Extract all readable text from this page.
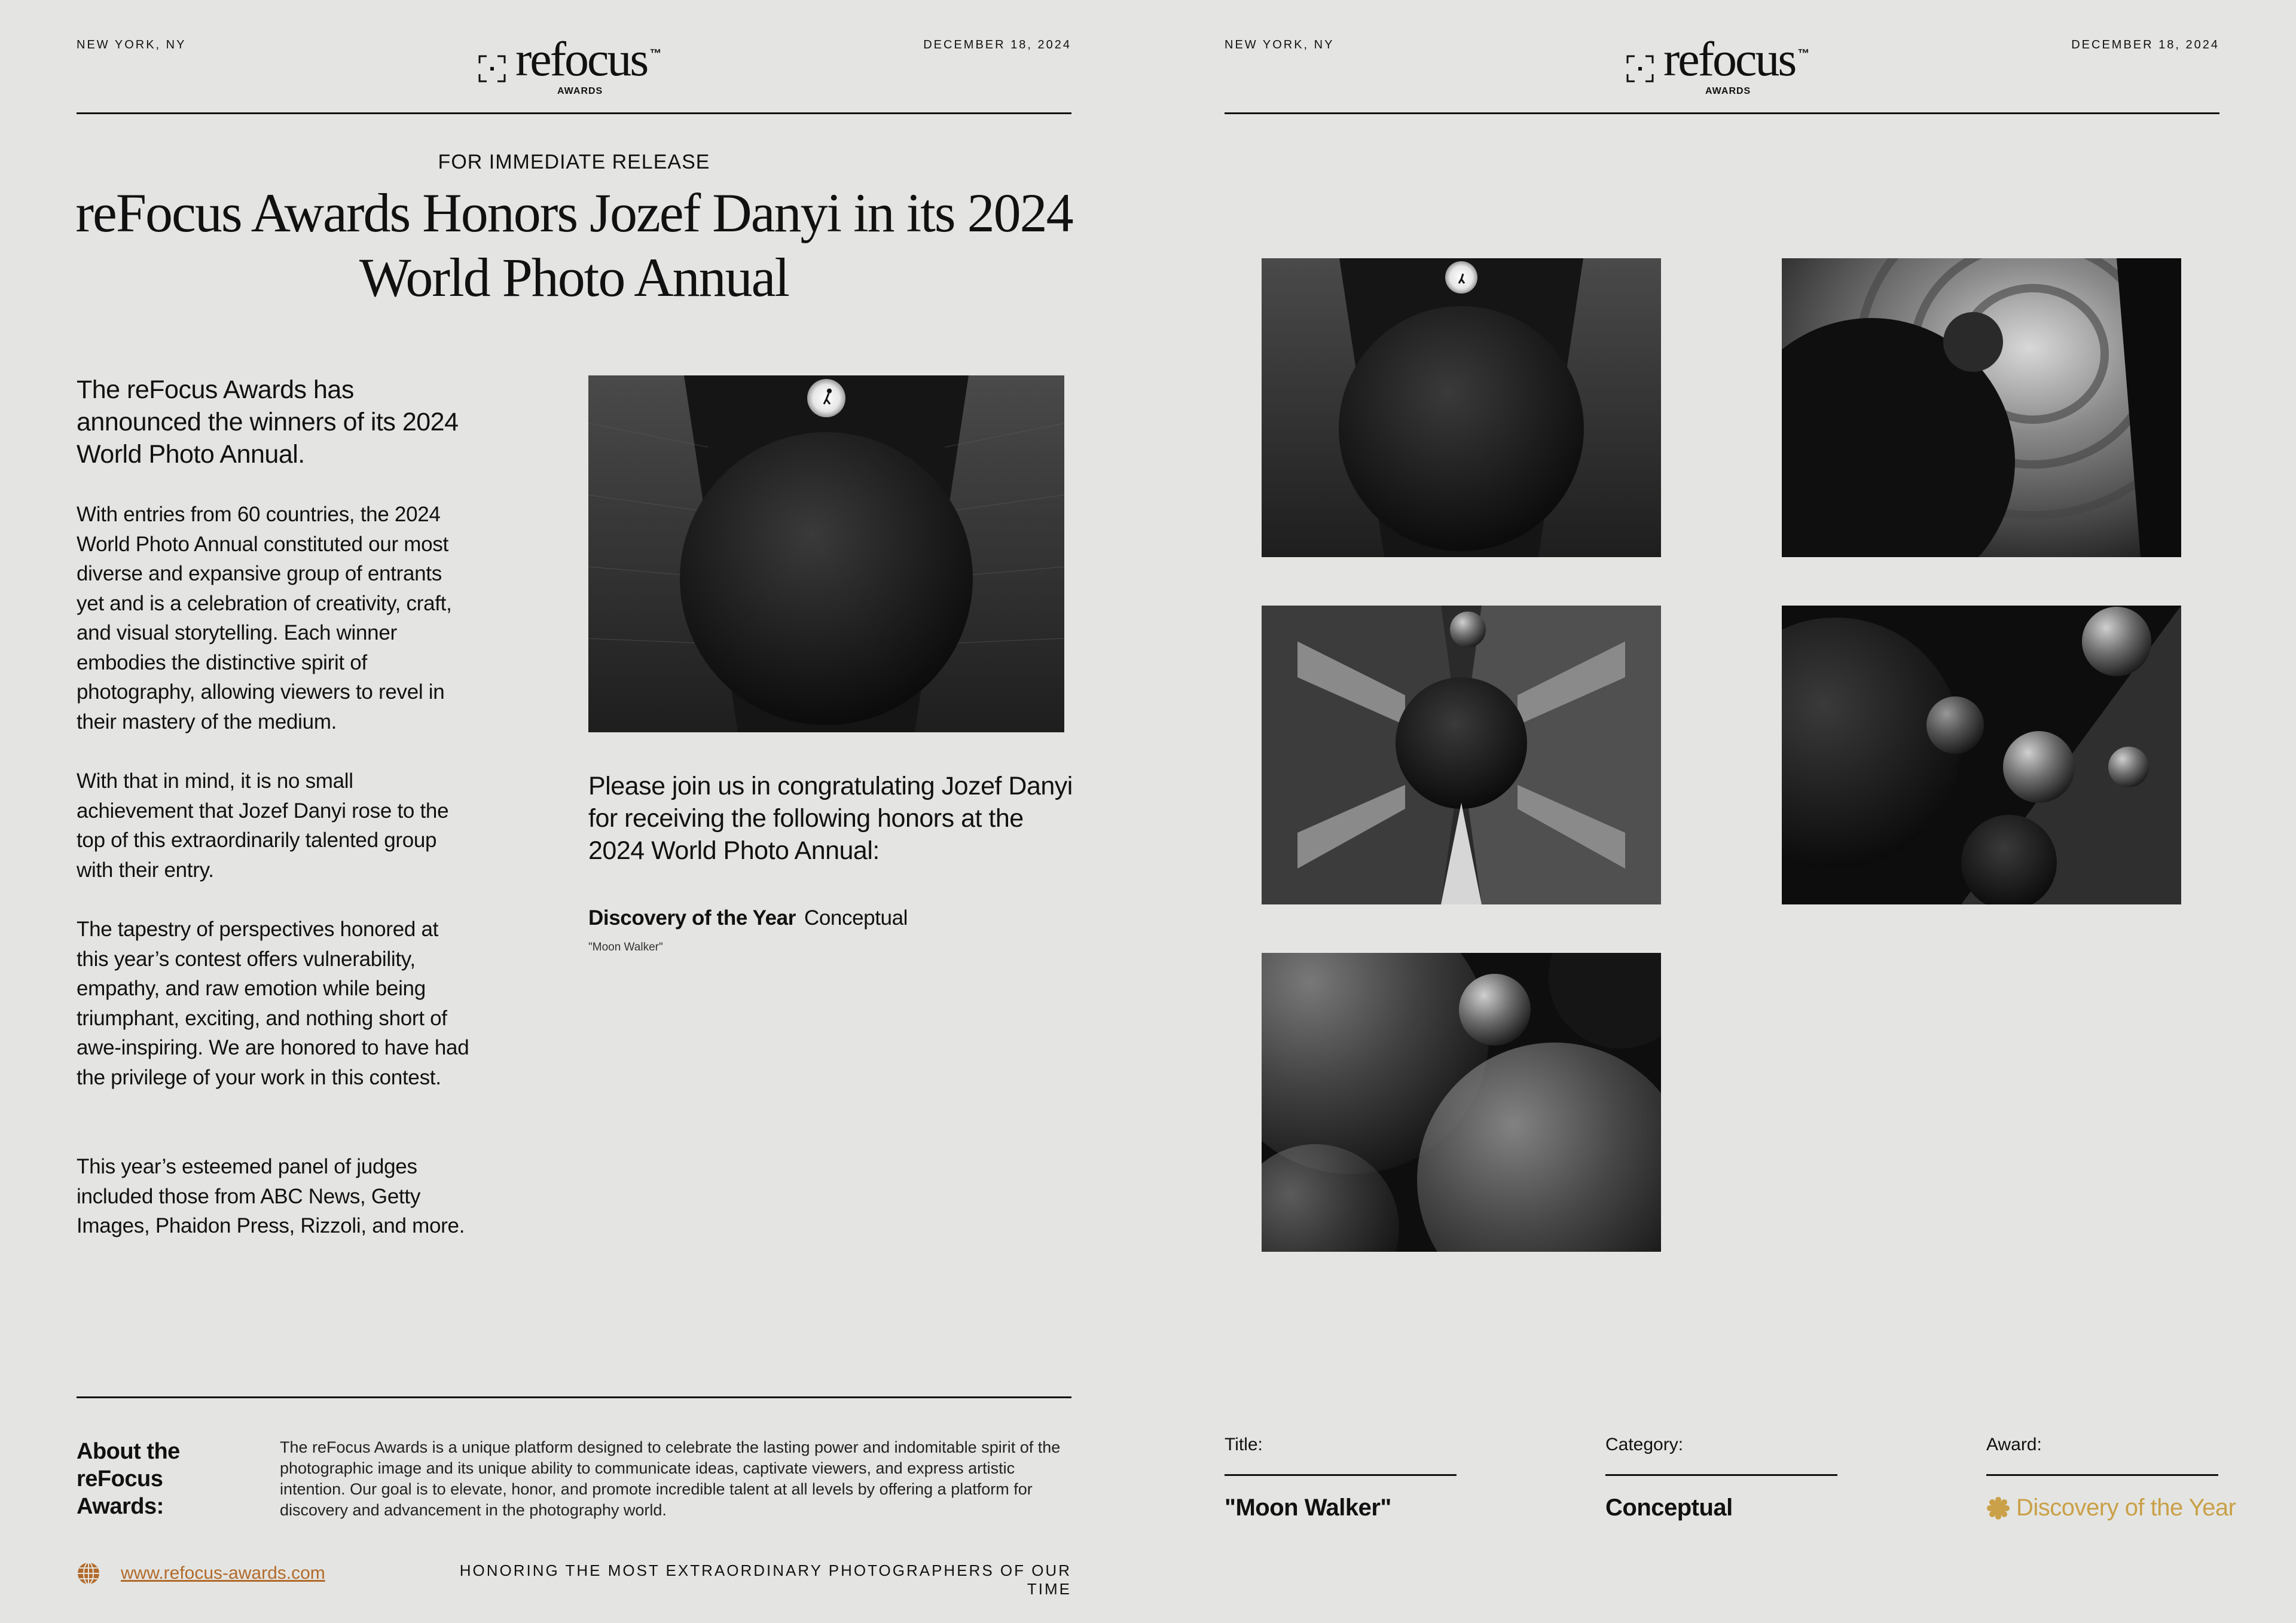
NEW YORK, NY	refocus ™
AWARDS
DECEMBER 18, 2024
FOR IMMEDIATE RELEASE
reFocus Awards Honors Jozef Danyi in its 2024
World Photo Annual
The reFocus Awards has announced the winners of its 2024 World Photo Annual.
With entries from 60 countries, the 2024 World Photo Annual constituted our most diverse and expansive group of entrants yet and is a celebration of creativity, craft, and visual storytelling. Each winner embodies the distinctive spirit of photography, allowing viewers to revel in their mastery of the medium.
With that in mind, it is no small achievement that Jozef Danyi rose to the top of this extraordinarily talented group with their entry.
The tapestry of perspectives honored at this year’s contest offers vulnerability, empathy, and raw emotion while being triumphant, exciting, and nothing short of awe-inspiring. We are honored to have had the privilege of your work in this contest.
This year’s esteemed panel of judges included those from ABC News, Getty Images, Phaidon Press, Rizzoli, and more.
Please join us in congratulating Jozef Danyi for receiving the following honors at the 2024 World Photo Annual:
Discovery of the Year Conceptual
"Moon Walker"
About the reFocus Awards:
The reFocus Awards is a unique platform designed to celebrate the lasting power and indomitable spirit of the photographic image and its unique ability to communicate ideas, captivate viewers, and express artistic intention. Our goal is to elevate, honor, and promote incredible talent at all levels by offering a platform for discovery and advancement in the photography world.
www.refocus-awards.com	HONORING THE MOST EXTRAORDINARY PHOTOGRAPHERS OF OUR TIME
NEW YORK, NY	refocus ™
AWARDS
DECEMBER 18, 2024
Title:
"Moon Walker"
Category:
Conceptual
Award:
Discovery of the Year
